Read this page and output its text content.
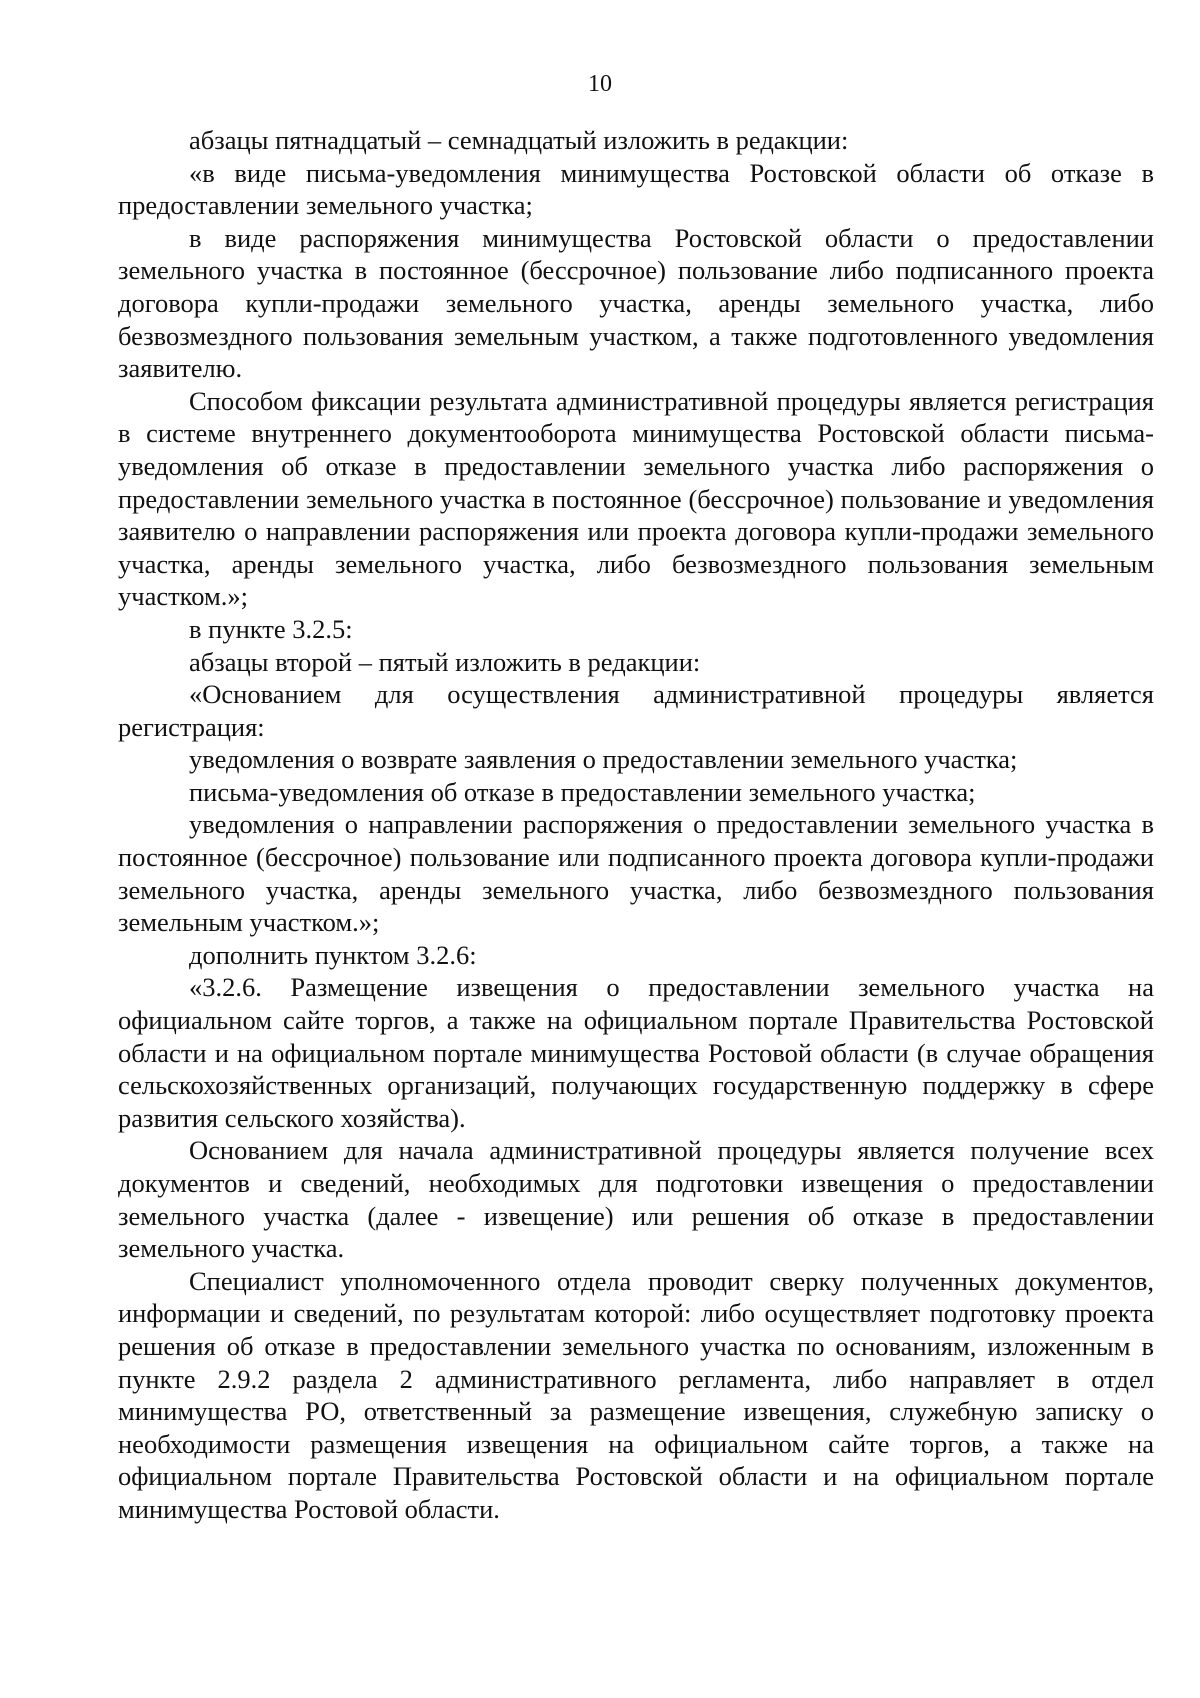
10

абзацы пятнадцатый – семнадцатый изложить в редакции:

«в виде письма-уведомления минимущества Ростовской области об отказе в предоставлении земельного участка;

в виде распоряжения минимущества Ростовской области о предоставлении земельного участка в постоянное (бессрочное) пользование либо подписанного проекта договора купли-продажи земельного участка, аренды земельного участка, либо безвозмездного пользования земельным участком, а также подготовленного уведомления заявителю.

Способом фиксации результата административной процедуры является регистрация в системе внутреннего документооборота минимущества Ростовской области письма-уведомления об отказе в предоставлении земельного участка либо распоряжения о предоставлении земельного участка в постоянное (бессрочное) пользование и уведомления заявителю о направлении распоряжения или проекта договора купли-продажи земельного участка, аренды земельного участка, либо безвозмездного пользования земельным участком.»;

в пункте 3.2.5:

абзацы второй – пятый изложить в редакции:

«Основанием для осуществления административной процедуры является регистрация:

уведомления о возврате заявления о предоставлении земельного участка;

письма-уведомления об отказе в предоставлении земельного участка;

уведомления о направлении распоряжения о предоставлении земельного участка в постоянное (бессрочное) пользование или подписанного проекта договора купли-продажи земельного участка, аренды земельного участка, либо безвозмездного пользования земельным участком.»;

дополнить пунктом 3.2.6:

«3.2.6. Размещение извещения о предоставлении земельного участка на официальном сайте торгов, а также на официальном портале Правительства Ростовской области и на официальном портале минимущества Ростовой области (в случае обращения сельскохозяйственных организаций, получающих государственную поддержку в сфере развития сельского хозяйства).

Основанием для начала административной процедуры является получение всех документов и сведений, необходимых для подготовки извещения о предоставлении земельного участка (далее - извещение) или решения об отказе в предоставлении земельного участка.

Специалист уполномоченного отдела проводит сверку полученных документов, информации и сведений, по результатам которой: либо осуществляет подготовку проекта решения об отказе в предоставлении земельного участка по основаниям, изложенным в пункте 2.9.2 раздела 2 административного регламента, либо направляет в отдел минимущества РО, ответственный за размещение извещения, служебную записку о необходимости размещения извещения на официальном сайте торгов, а также на официальном портале Правительства Ростовской области и на официальном портале минимущества Ростовой области.
